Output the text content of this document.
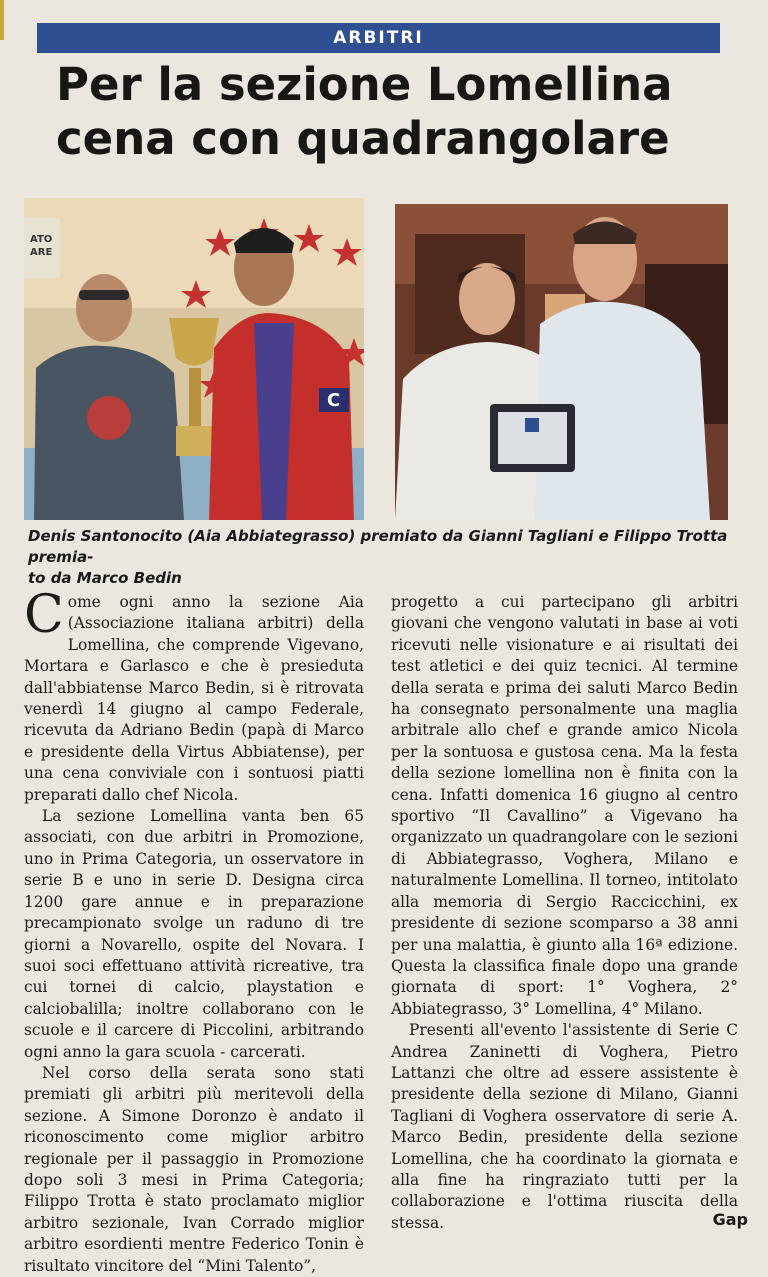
ARBITRI
Per la sezione Lomellina
cena con quadrangolare
ATO
ARE
C
Denis Santonocito (Aia Abbiategrasso) premiato da Gianni Tagliani e Filippo Trotta premia-
to da Marco Bedin

Come ogni anno la sezione Aia (Associazione italiana arbitri) della Lomellina, che comprende Vigevano, Mortara e Garlasco e che è presieduta dall'abbiatense Marco Bedin, si è ritrovata venerdì 14 giugno al campo Federale, ricevuta da Adriano Bedin (papà di Marco e presidente della Virtus Abbiatense), per una cena conviviale con i sontuosi piatti preparati dallo chef Nicola.

La sezione Lomellina vanta ben 65 associati, con due arbitri in Promozione, uno in Prima Categoria, un osservatore in serie B e uno in serie D. Designa circa 1200 gare annue e in preparazione precampionato svolge un raduno di tre giorni a Novarello, ospite del Novara. I suoi soci effettuano attività ricreative, tra cui tornei di calcio, playstation e calciobalilla; inoltre collaborano con le scuole e il carcere di Piccolini, arbitrando ogni anno la gara scuola - carcerati.

Nel corso della serata sono stati premiati gli arbitri più meritevoli della sezione. A Simone Doronzo è andato il riconoscimento come miglior arbitro regionale per il passaggio in Promozione dopo soli 3 mesi in Prima Categoria; Filippo Trotta è stato proclamato miglior arbitro sezionale, Ivan Corrado miglior arbitro esordienti mentre Federico Tonin è risultato vincitore del “Mini Talento”,

progetto a cui partecipano gli arbitri giovani che vengono valutati in base ai voti ricevuti nelle visionature e ai risultati dei test atletici e dei quiz tecnici. Al termine della serata e prima dei saluti Marco Bedin ha consegnato personalmente una maglia arbitrale allo chef e grande amico Nicola per la sontuosa e gustosa cena. Ma la festa della sezione lomellina non è finita con la cena. Infatti domenica 16 giugno al centro sportivo “Il Cavallino” a Vigevano ha organizzato un quadrangolare con le sezioni di Abbiategrasso, Voghera, Milano e naturalmente Lomellina. Il torneo, intitolato alla memoria di Sergio Raccicchini, ex presidente di sezione scomparso a 38 anni per una malattia, è giunto alla 16ª edizione. Questa la classifica finale dopo una grande giornata di sport: 1° Voghera, 2° Abbiategrasso, 3° Lomellina, 4° Milano.

Presenti all'evento l'assistente di Serie C Andrea Zaninetti di Voghera, Pietro Lattanzi che oltre ad essere assistente è presidente della sezione di Milano, Gianni Tagliani di Voghera osservatore di serie A. Marco Bedin, presidente della sezione Lomellina, che ha coordinato la giornata e alla fine ha ringraziato tutti per la collaborazione e l'ottima riuscita della stessa.	Gap
